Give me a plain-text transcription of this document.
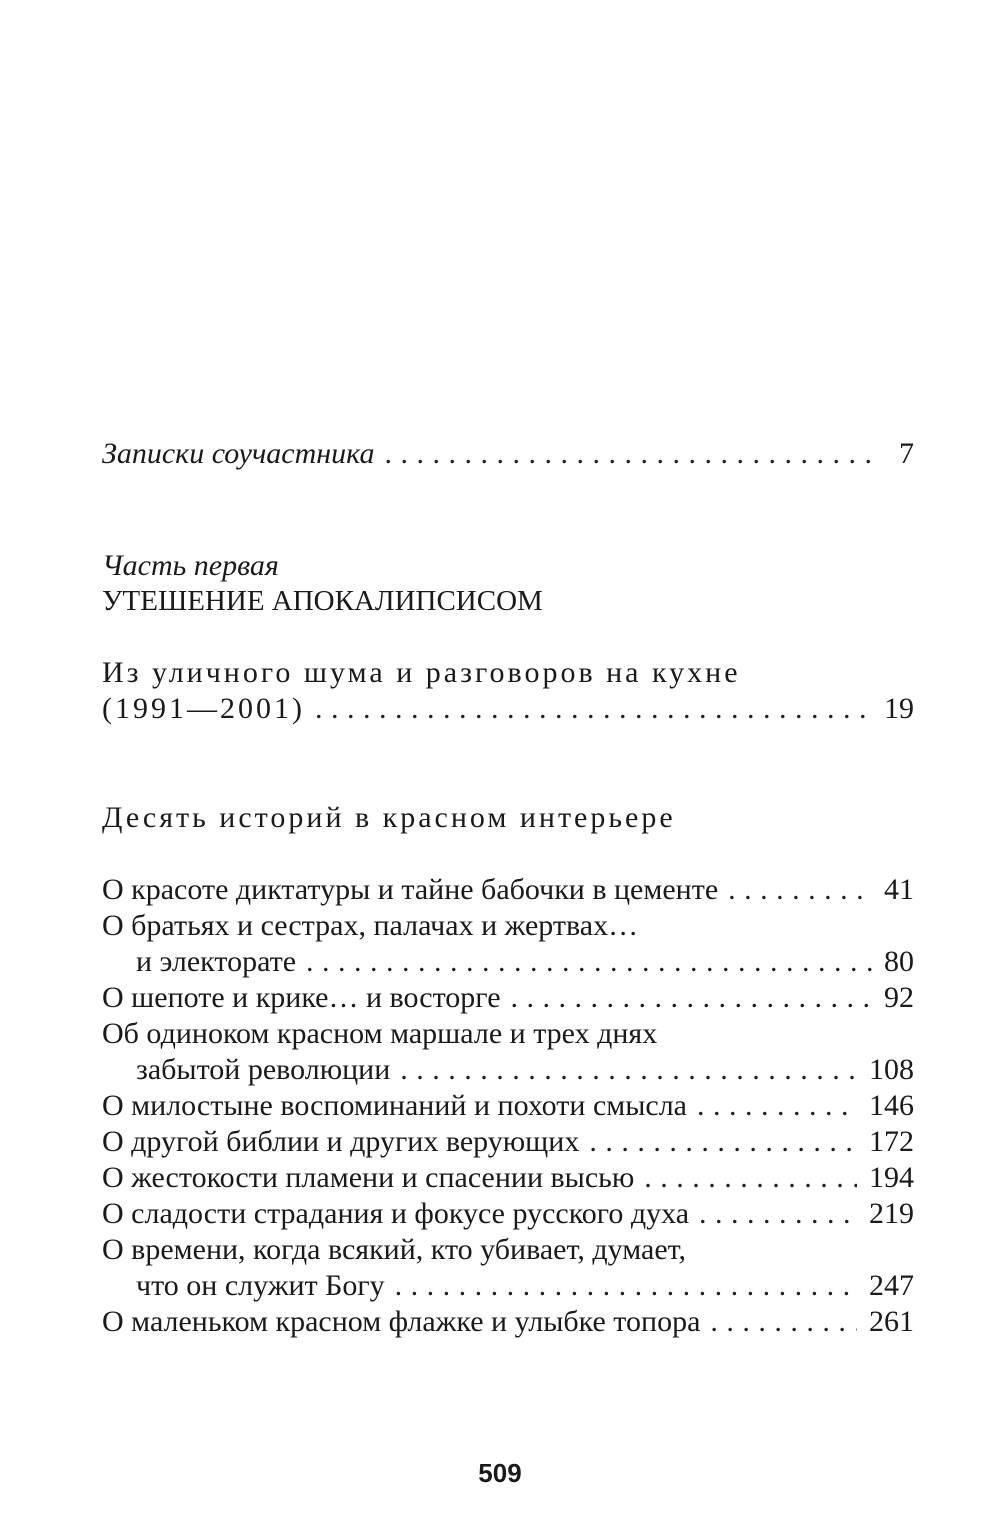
Записки соучастника . . .	7
Часть первая
УТЕШЕНИЕ АПОКАЛИПСИСОМ
Из уличного шума и разговоров на кухне
(1991—2001) . . .	19
Десять историй в красном интерьере
О красоте диктатуры и тайне бабочки в цементе . . .	41
О братьях и сестрах, палачах и жертвах…
и электорате . . .	80
О шепоте и крике… и восторге . . .	92
Об одиноком красном маршале и трех днях
забытой революции . . .	108
О милостыне воспоминаний и похоти смысла . . .	146
О другой библии и других верующих . . .	172
О жестокости пламени и спасении высью . . .	194
О сладости страдания и фокусе русского духа . . .	219
О времени, когда всякий, кто убивает, думает,
что он служит Богу . . .	247
О маленьком красном флажке и улыбке топора . . .	261
509
